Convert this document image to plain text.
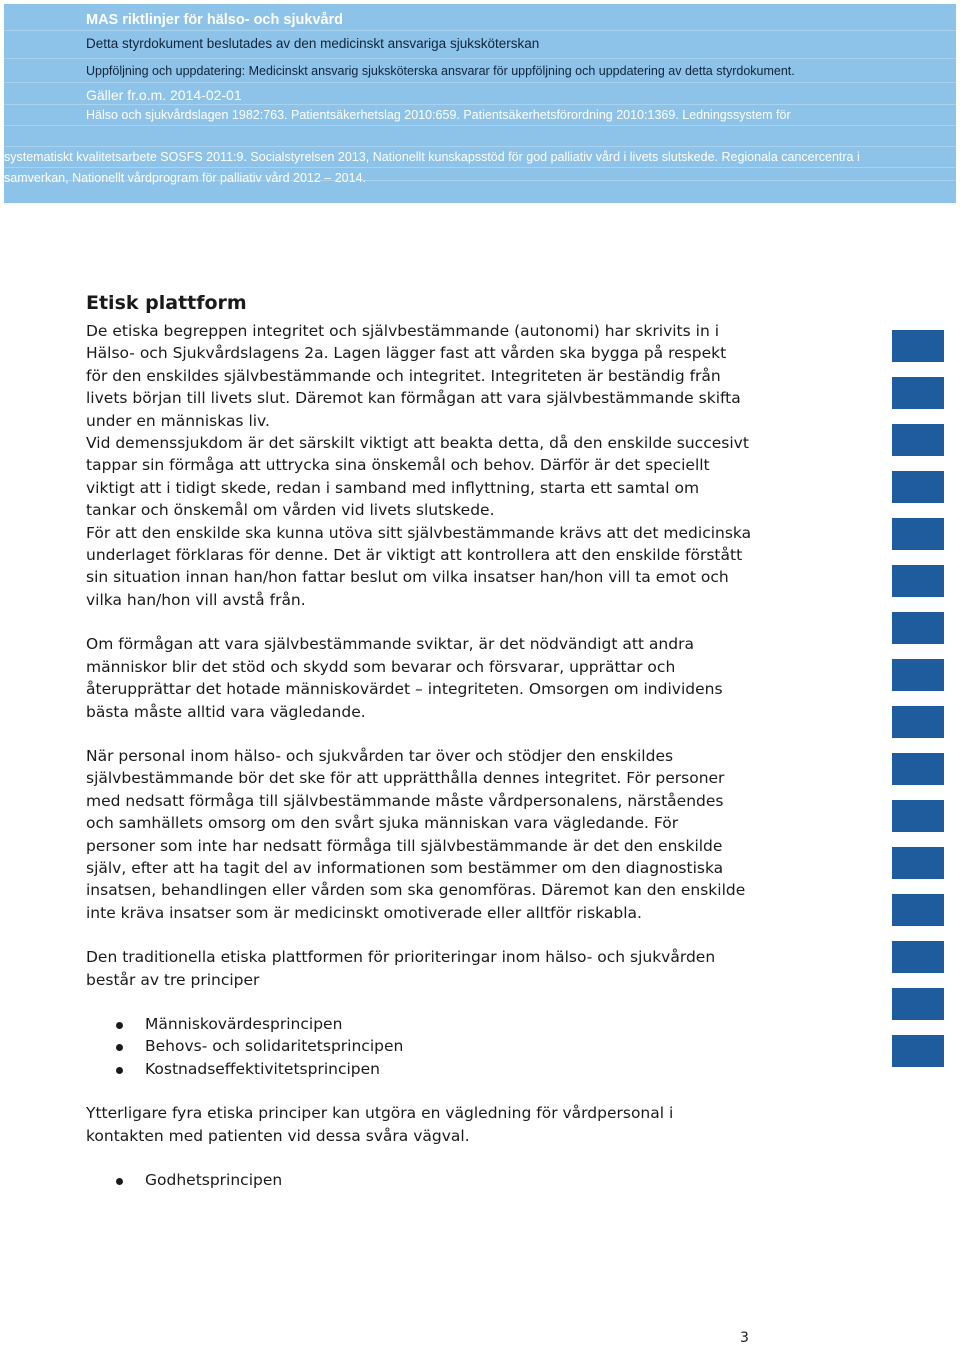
MAS riktlinjer för hälso- och sjukvård
Detta styrdokument beslutades av den medicinskt ansvariga sjuksköterskan
Uppföljning och uppdatering: Medicinskt ansvarig sjuksköterska ansvarar för uppföljning och uppdatering av detta styrdokument.
Gäller fr.o.m. 2014-02-01
Hälso och sjukvårdslagen 1982:763. Patientsäkerhetslag 2010:659. Patientsäkerhetsförordning 2010:1369. Ledningssystem för
systematiskt kvalitetsarbete SOSFS 2011:9. Socialstyrelsen 2013, Nationellt kunskapsstöd för god palliativ vård i livets slutskede. Regionala cancercentra i
samverkan, Nationellt vårdprogram för palliativ vård 2012 – 2014.
Etisk plattform

De etiska begreppen integritet och självbestämmande (autonomi) har skrivits in i
Hälso- och Sjukvårdslagens 2a. Lagen lägger fast att vården ska bygga på respekt
för den enskildes självbestämmande och integritet. Integriteten är beständig från
livets början till livets slut. Däremot kan förmågan att vara självbestämmande skifta
under en människas liv.
Vid demenssjukdom är det särskilt viktigt att beakta detta, då den enskilde succesivt
tappar sin förmåga att uttrycka sina önskemål och behov. Därför är det speciellt
viktigt att i tidigt skede, redan i samband med inflyttning, starta ett samtal om
tankar och önskemål om vården vid livets slutskede.
För att den enskilde ska kunna utöva sitt självbestämmande krävs att det medicinska
underlaget förklaras för denne. Det är viktigt att kontrollera att den enskilde förstått
sin situation innan han/hon fattar beslut om vilka insatser han/hon vill ta emot och
vilka han/hon vill avstå från.

Om förmågan att vara självbestämmande sviktar, är det nödvändigt att andra
människor blir det stöd och skydd som bevarar och försvarar, upprättar och
återupprättar det hotade människovärdet – integriteten. Omsorgen om individens
bästa måste alltid vara vägledande.

När personal inom hälso- och sjukvården tar över och stödjer den enskildes
självbestämmande bör det ske för att upprätthålla dennes integritet. För personer
med nedsatt förmåga till självbestämmande måste vårdpersonalens, närståendes
och samhällets omsorg om den svårt sjuka människan vara vägledande. För
personer som inte har nedsatt förmåga till självbestämmande är det den enskilde
själv, efter att ha tagit del av informationen som bestämmer om den diagnostiska
insatsen, behandlingen eller vården som ska genomföras. Däremot kan den enskilde
inte kräva insatser som är medicinskt omotiverade eller alltför riskabla.

Den traditionella etiska plattformen för prioriteringar inom hälso- och sjukvården
består av tre principer

Människovärdesprincipen
Behovs- och solidaritetsprincipen
Kostnadseffektivitetsprincipen

Ytterligare fyra etiska principer kan utgöra en vägledning för vårdpersonal i
kontakten med patienten vid dessa svåra vägval.

Godhetsprincipen
3
